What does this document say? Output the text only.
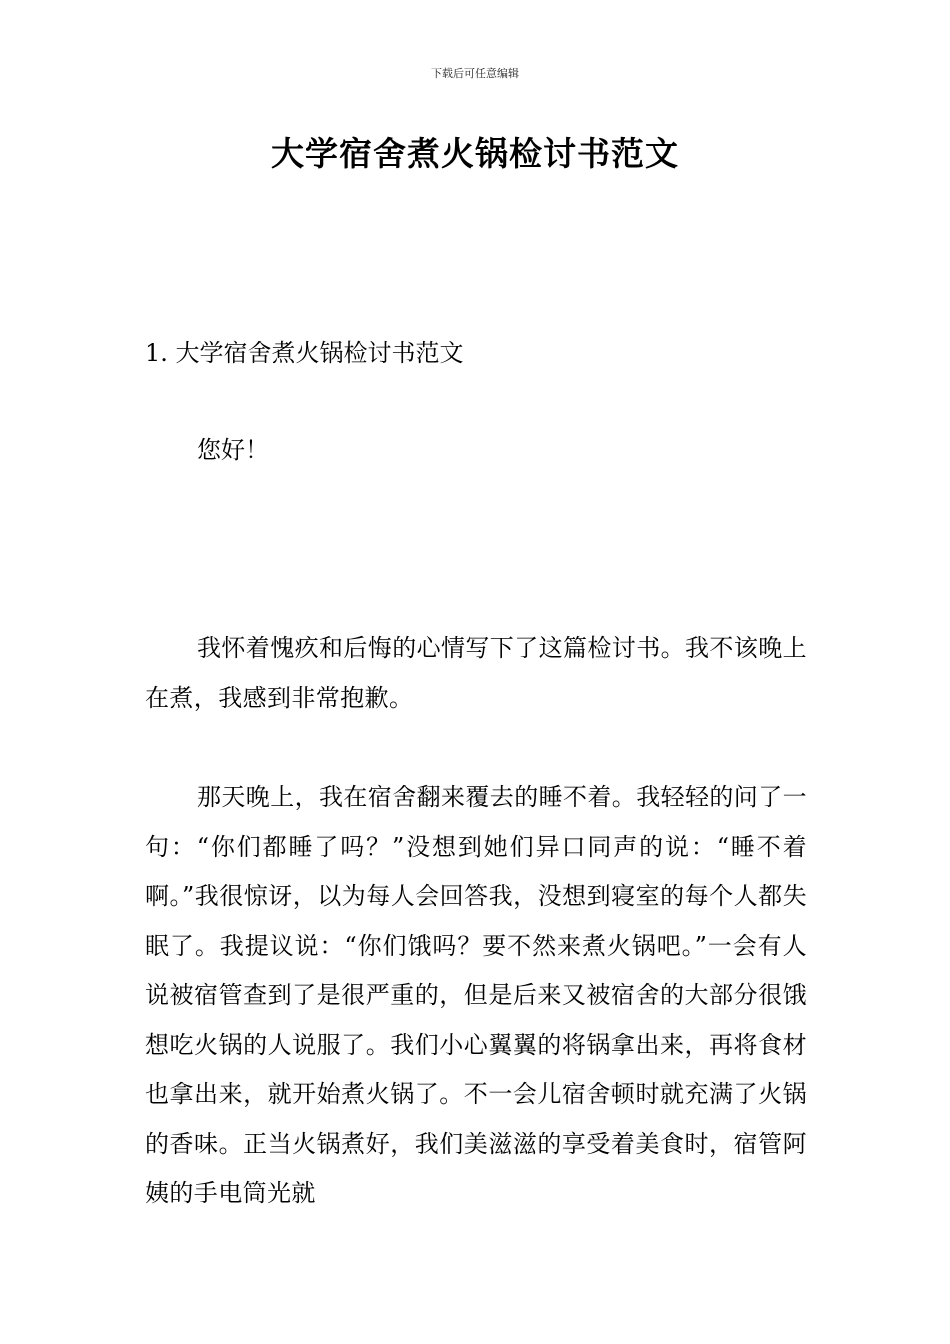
下载后可任意编辑
大学宿舍煮火锅检讨书范文

1. 大学宿舍煮火锅检讨书范文

您好！

我怀着愧疚和后悔的心情写下了这篇检讨书。我不该晚上在煮，我感到非常抱歉。

那天晚上，我在宿舍翻来覆去的睡不着。我轻轻的问了一句：“你们都睡了吗？”没想到她们异口同声的说：“睡不着啊。”我很惊讶，以为每人会回答我，没想到寝室的每个人都失眠了。我提议说：“你们饿吗？要不然来煮火锅吧。”一会有人说被宿管查到了是很严重的，但是后来又被宿舍的大部分很饿想吃火锅的人说服了。我们小心翼翼的将锅拿出来，再将食材也拿出来，就开始煮火锅了。不一会儿宿舍顿时就充满了火锅的香味。正当火锅煮好，我们美滋滋的享受着美食时，宿管阿姨的手电筒光就
